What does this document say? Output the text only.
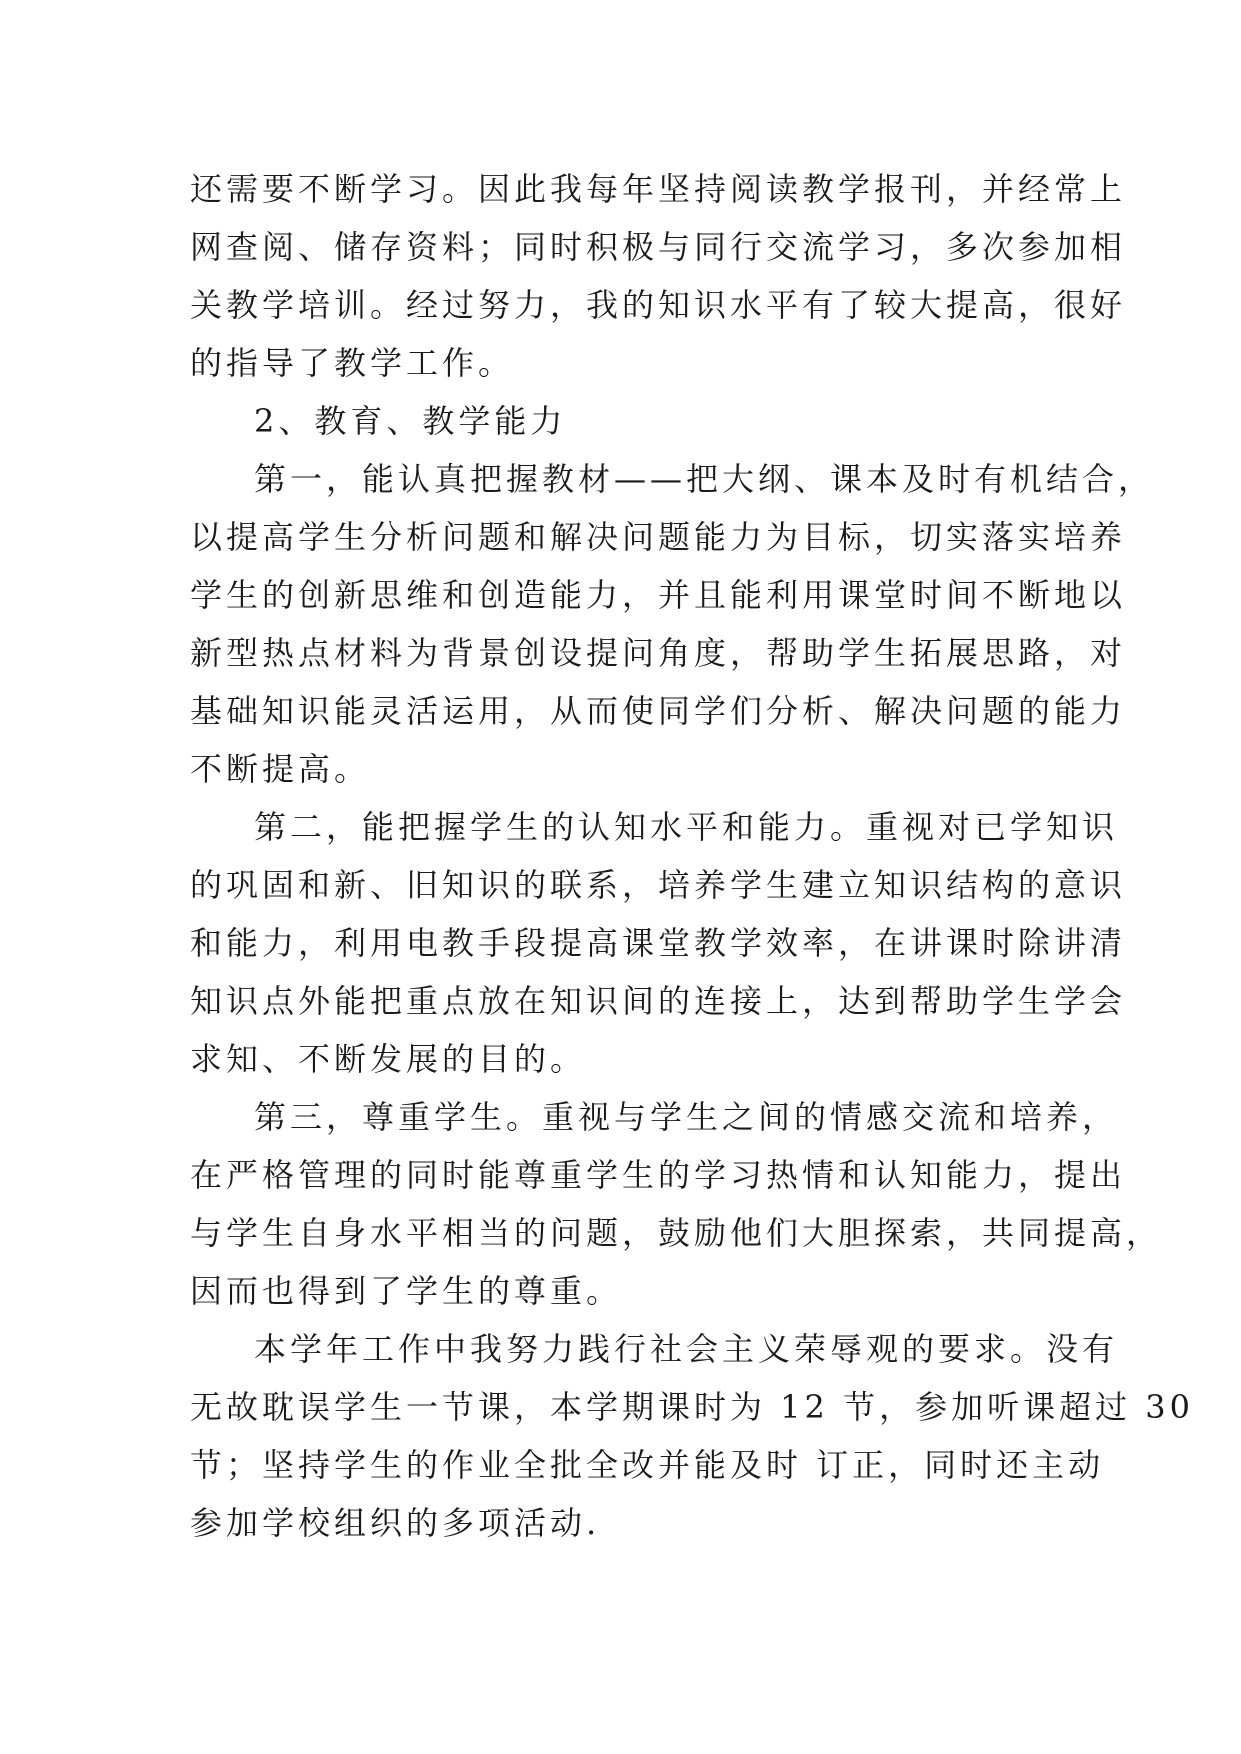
还需要不断学习。因此我每年坚持阅读教学报刊，并经常上
网查阅、储存资料；同时积极与同行交流学习，多次参加相
关教学培训。经过努力，我的知识水平有了较大提高，很好
的指导了教学工作。
2、教育、教学能力
第一，能认真把握教材——把大纲、课本及时有机结合，
以提高学生分析问题和解决问题能力为目标，切实落实培养
学生的创新思维和创造能力，并且能利用课堂时间不断地以
新型热点材料为背景创设提问角度，帮助学生拓展思路，对
基础知识能灵活运用，从而使同学们分析、解决问题的能力
不断提高。
第二，能把握学生的认知水平和能力。重视对已学知识
的巩固和新、旧知识的联系，培养学生建立知识结构的意识
和能力，利用电教手段提高课堂教学效率，在讲课时除讲清
知识点外能把重点放在知识间的连接上，达到帮助学生学会
求知、不断发展的目的。
第三，尊重学生。重视与学生之间的情感交流和培养，
在严格管理的同时能尊重学生的学习热情和认知能力，提出
与学生自身水平相当的问题，鼓励他们大胆探索，共同提高，
因而也得到了学生的尊重。
本学年工作中我努力践行社会主义荣辱观的要求。没有
无故耽误学生一节课，本学期课时为 12 节，参加听课超过 30
节；坚持学生的作业全批全改并能及时 订正，同时还主动
参加学校组织的多项活动.
